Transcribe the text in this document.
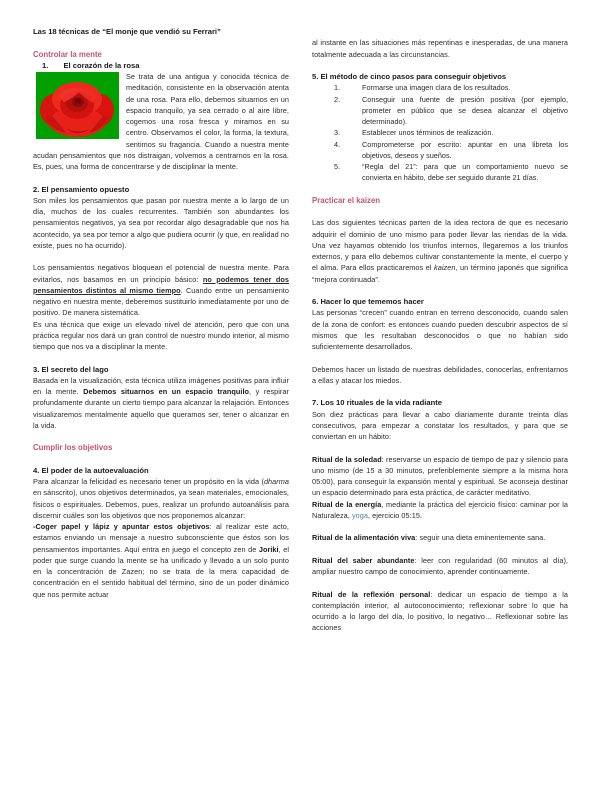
Las 18 técnicas de “El monje que vendió su Ferrari”
Controlar la mente
1. El corazón de la rosa

Se trata de una antigua y conocida técnica de meditación, consistente en la observación atenta de una rosa. Para ello, debemos situarnos en un espacio tranquilo, ya sea cerrado o al aire libre, cogemos una rosa fresca y miramos en su centro. Observamos el color, la forma, la textura, sentimos su fragancia. Cuando a nuestra mente acudan pensamientos que nos distraigan, volvemos a centrarnos en la rosa. Es, pues, una forma de concentrarse y de disciplinar la mente.

2. El pensamiento opuesto

Son miles los pensamientos que pasan por nuestra mente a lo largo de un día, muchos de los cuales recurrentes. También son abundantes los pensamientos negativos, ya sea por recordar algo desagradable que nos ha acontecido, ya sea por temor a algo que pudiera ocurrir (y que, en realidad no existe, pues no ha ocurrido).

Los pensamientos negativos bloquean el potencial de nuestra mente. Para evitarlos, nos basamos en un principio básico: no podemos tener dos pensamientos distintos al mismo tiempo. Cuando entre un pensamiento negativo en nuestra mente, deberemos sustituirlo inmediatamente por uno de positivo. De manera sistemática.

Es una técnica que exige un elevado nivel de atención, pero que con una práctica regular nos dará un gran control de nuestro mundo interior, al mismo tiempo que nos va a disciplinar la mente.

3. El secreto del lago

Basada en la visualización, esta técnica utiliza imágenes positivas para influir en la mente. Debemos situarnos en un espacio tranquilo, y respirar profundamente durante un cierto tiempo para alcanzar la relajación. Entonces visualizaremos mentalmente aquello que queramos ser, tener o alcanzar en la vida.

Cumplir los objetivos
4. El poder de la autoevaluación

Para alcanzar la felicidad es necesario tener un propósito en la vida (dharma en sánscrito), unos objetivos determinados, ya sean materiales, emocionales, físicos o espirituales. Debemos, pues, realizar un profundo autoanálisis para discernir cuáles son los objetivos que nos proponemos alcanzar:

-Coger papel y lápiz y apuntar estos objetivos: al realizar este acto, estamos enviando un mensaje a nuestro subconsciente que éstos son los pensamientos importantes. Aquí entra en juego el concepto zen de Joriki, el poder que surge cuando la mente se ha unificado y llevado a un solo punto en la concentración de Zazen; no se trata de la mera capacidad de concentración en el sentido habitual del término, sino de un poder dinámico que nos permite actuar

al instante en las situaciones más repentinas e inesperadas, de una manera totalmente adecuada a las circunstancias.

5. El método de cinco pasos para conseguir objetivos
Formarse una imagen clara de los resultados.
Conseguir una fuente de presión positiva (por ejemplo, prometer en público que se desea alcanzar el objetivo determinado).
Establecer unos términos de realización.
Comprometerse por escrito: apuntar en una libreta los objetivos, deseos y sueños.
“Regla del 21”: para que un comportamiento nuevo se convierta en hábito, debe ser seguido durante 21 días.
Practicar el kaizen

Las dos siguientes técnicas parten de la idea rectora de que es necesario adquirir el dominio de uno mismo para poder llevar las riendas de la vida. Una vez hayamos obtenido los triunfos internos, llegaremos a los triunfos externos, y para ello debemos cultivar constantemente la mente, el cuerpo y el alma. Para ellos practicaremos el kaizen, un término japonés que significa “mejora continuada”.

6. Hacer lo que tememos hacer

Las personas “crecen” cuando entran en terreno desconocido, cuando salen de la zona de confort: es entonces cuando pueden descubrir aspectos de sí mismos que les resultaban desconocidos o que no habían sido suficientemente desarrollados.

Debemos hacer un listado de nuestras debilidades, conocerlas, enfrentarnos a ellas y atacar los miedos.

7. Los 10 rituales de la vida radiante

Son diez prácticas para llevar a cabo diariamente durante treinta días consecutivos, para empezar a constatar los resultados, y para que se conviertan en un hábito:

Ritual de la soledad: reservarse un espacio de tiempo de paz y silencio para uno mismo (de 15 a 30 minutos, preferiblemente siempre a la misma hora 05:00), para conseguir la expansión mental y espiritual. Se aconseja destinar un espacio determinado para esta práctica, de carácter meditativo.

Ritual de la energía, mediante la práctica del ejercicio físico: caminar por la Naturaleza, yoga, ejercicio 05:15.

Ritual de la alimentación viva: seguir una dieta eminentemente sana.

Ritual del saber abundante: leer con regularidad (60 minutos al día), ampliar nuestro campo de conocimiento, aprender continuamente.

Ritual de la reflexión personal: dedicar un espacio de tiempo a la contemplación interior, al autoconocimiento; reflexionar sobre lo que ha ocurrido a lo largo del día, lo positivo, lo negativo… Reflexionar sobre las acciones
